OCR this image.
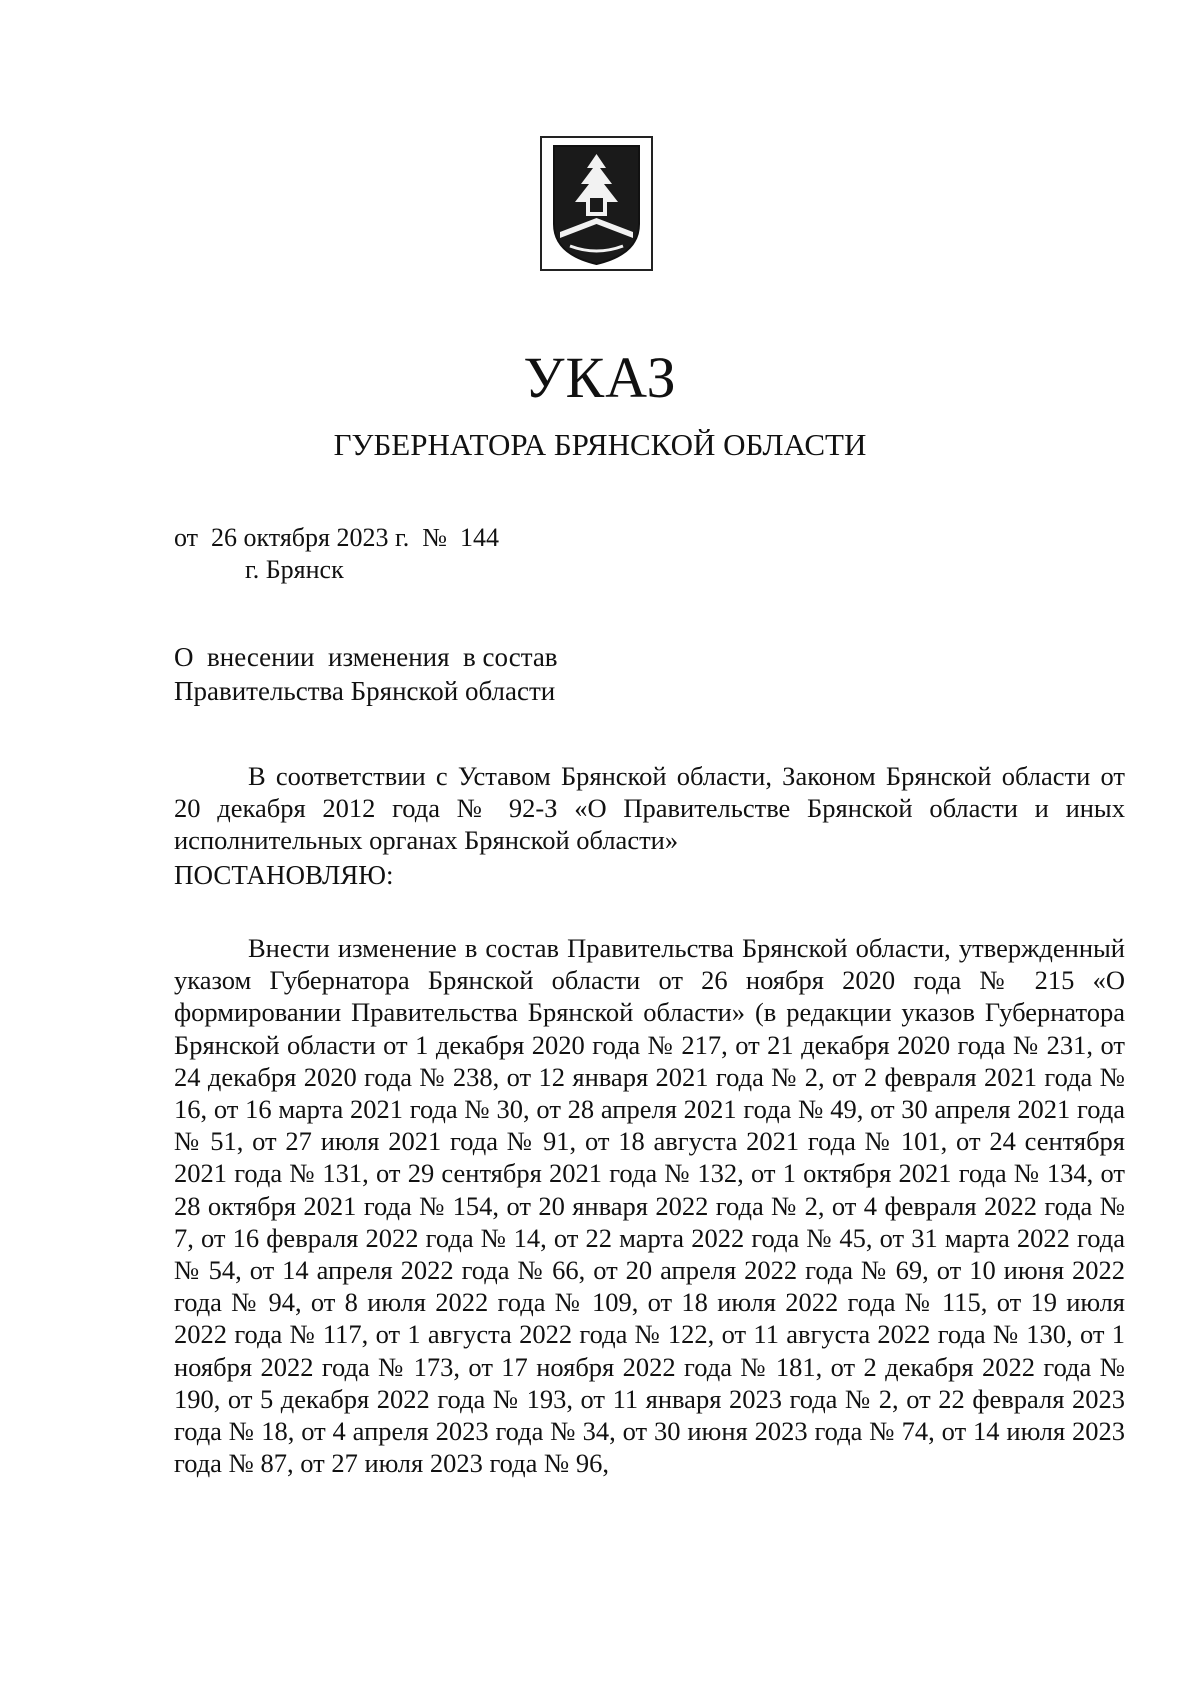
УКАЗ
ГУБЕРНАТОРА БРЯНСКОЙ ОБЛАСТИ
от  26 октября 2023 г.  №  144
г. Брянск
О  внесении  изменения  в состав
Правительства Брянской области
В соответствии с Уставом Брянской области, Законом Брянской области от 20 декабря 2012 года № 92-З «О Правительстве Брянской области и иных исполнительных органах Брянской области»
ПОСТАНОВЛЯЮ:
Внести изменение в состав Правительства Брянской области, утвержденный указом Губернатора Брянской области от 26 ноября 2020 года № 215 «О формировании Правительства Брянской области» (в редакции указов Губернатора Брянской области от 1 декабря 2020 года № 217, от 21 декабря 2020 года № 231, от 24 декабря 2020 года № 238, от 12 января 2021 года № 2, от 2 февраля 2021 года № 16, от 16 марта 2021 года № 30, от 28 апреля 2021 года № 49, от 30 апреля 2021 года № 51, от 27 июля 2021 года № 91, от 18 августа 2021 года № 101, от 24 сентября 2021 года № 131, от 29 сентября 2021 года № 132, от 1 октября 2021 года № 134, от 28 октября 2021 года № 154, от 20 января 2022 года № 2, от 4 февраля 2022 года № 7, от 16 февраля 2022 года № 14, от 22 марта 2022 года № 45, от 31 марта 2022 года № 54, от 14 апреля 2022 года № 66, от 20 апреля 2022 года № 69, от 10 июня 2022 года № 94, от 8 июля 2022 года № 109, от 18 июля 2022 года № 115, от 19 июля 2022 года № 117, от 1 августа 2022 года № 122, от 11 августа 2022 года № 130, от 1 ноября 2022 года № 173, от 17 ноября 2022 года № 181, от 2 декабря 2022 года № 190, от 5 декабря 2022 года № 193, от 11 января 2023 года № 2, от 22 февраля 2023 года № 18, от 4 апреля 2023 года № 34, от 30 июня 2023 года № 74, от 14 июля 2023 года № 87, от 27 июля 2023 года № 96,
